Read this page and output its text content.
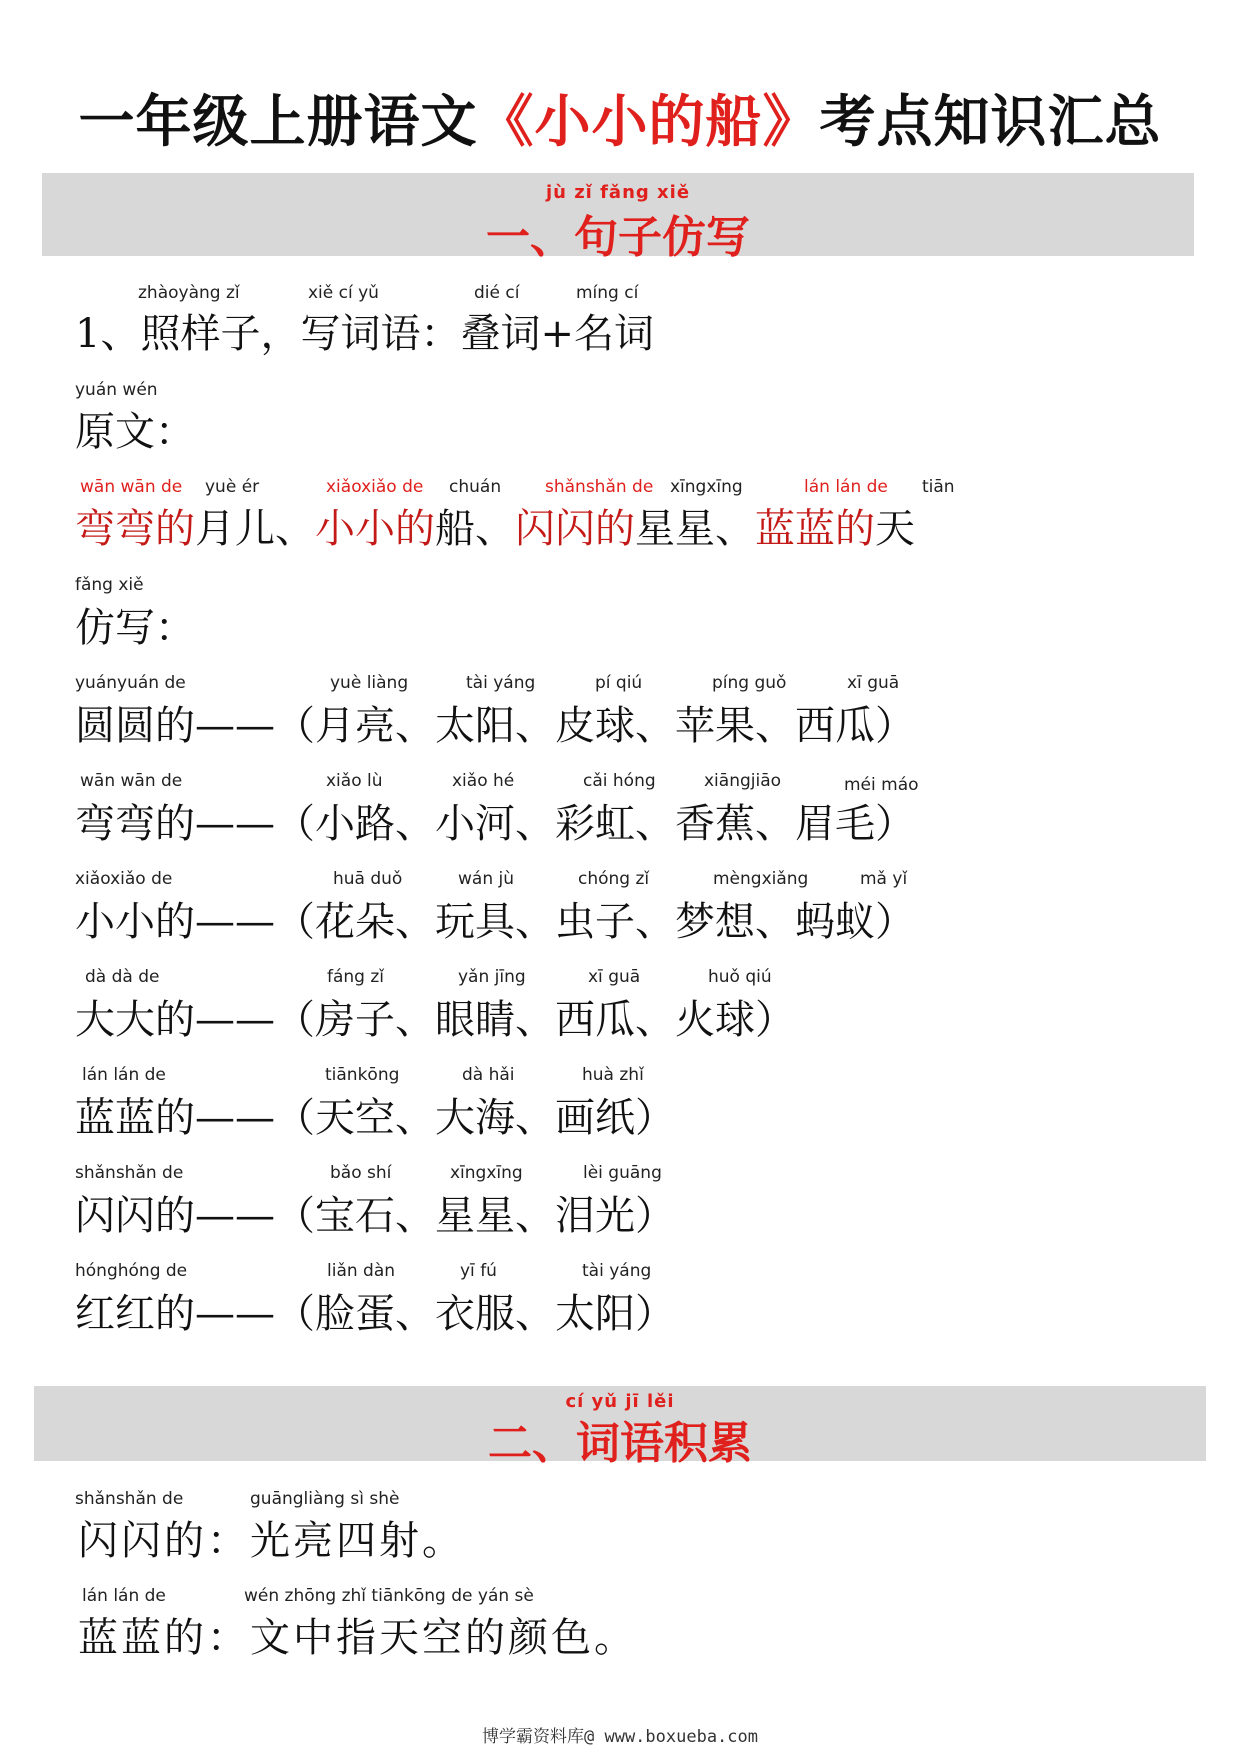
一年级上册语文《小小的船》考点知识汇总
jù zǐ fǎng xiě
一、句子仿写
zhàoyàng zǐ	xiě cí yǔ	dié cí	míng cí
1、照样子，写词语：叠词+名词
yuán wén
原文：
wān wān de yuè ér	xiǎoxiǎo de chuán	shǎnshǎn de xīngxīng	lán lán de tiān
弯弯的月儿、小小的船、闪闪的星星、蓝蓝的天
fǎng xiě
仿写：
yuányuán de	yuè liàng	tài yáng	pí qiú	píng guǒ	xī guā
圆圆的——（月亮、太阳、皮球、苹果、西瓜）
wān wān de	xiǎo lù	xiǎo hé	cǎi hóng	xiāngjiāo	méi máo
弯弯的——（小路、小河、彩虹、香蕉、眉毛）
xiǎoxiǎo de	huā duǒ	wán jù	chóng zǐ	mèngxiǎng	mǎ yǐ
小小的——（花朵、玩具、虫子、梦想、蚂蚁）
dà dà de	fáng zǐ	yǎn jīng	xī guā	huǒ qiú
大大的——（房子、眼睛、西瓜、火球）
lán lán de	tiānkōng	dà hǎi	huà zhǐ
蓝蓝的——（天空、大海、画纸）
shǎnshǎn de	bǎo shí	xīngxīng	lèi guāng
闪闪的——（宝石、星星、泪光）
hónghóng de	liǎn dàn	yī fú	tài yáng
红红的——（脸蛋、衣服、太阳）
cí yǔ jī lěi
二、词语积累
shǎnshǎn de	guāngliàng sì shè
闪闪的：光亮四射。
lán lán de	wén zhōng zhǐ tiānkōng de yán sè
蓝蓝的：文中指天空的颜色。
博学霸资料库@ www.boxueba.com
